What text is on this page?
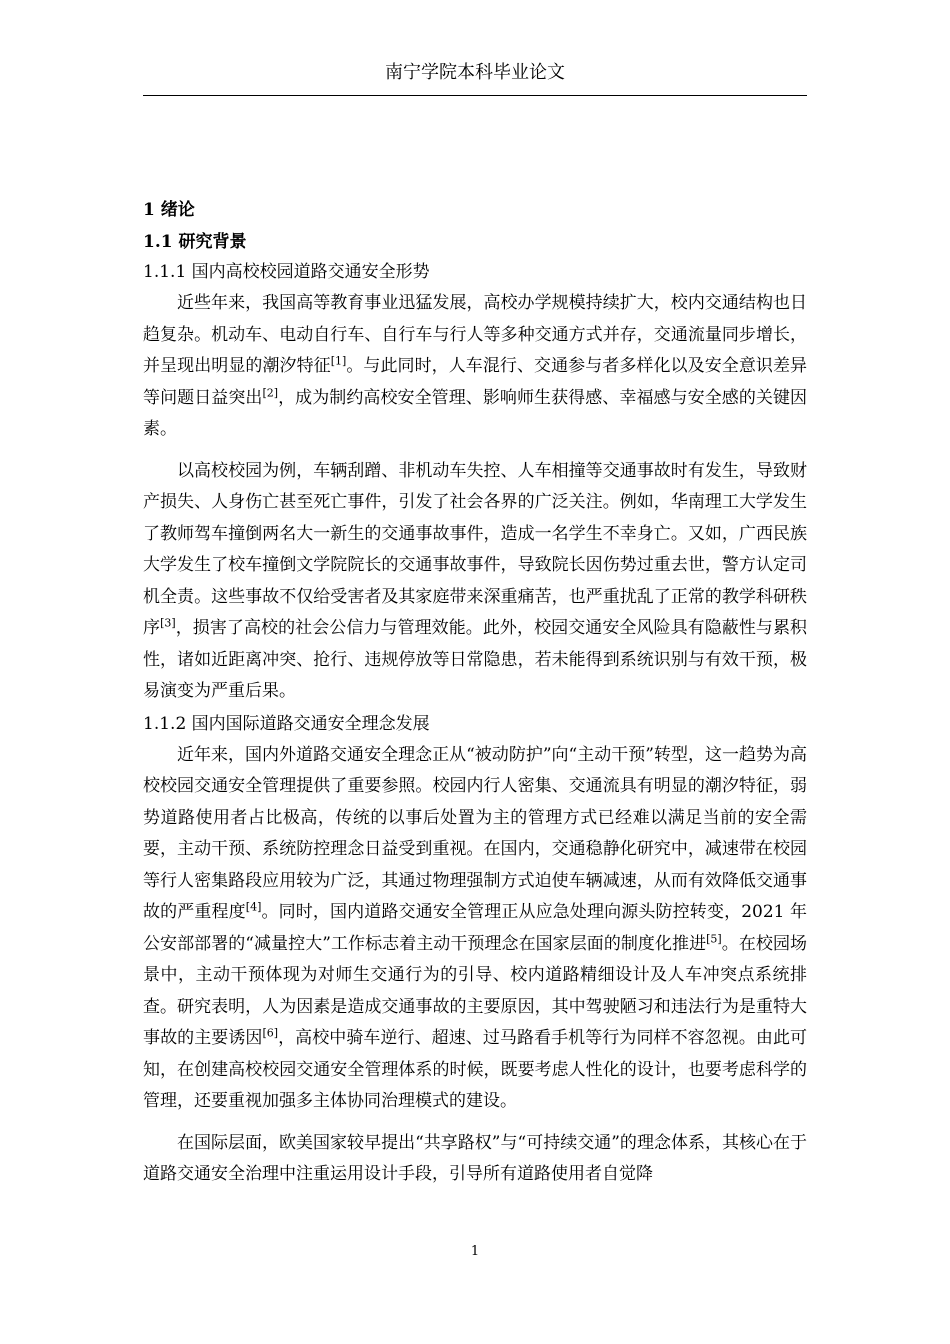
南宁学院本科毕业论文

1 绪论

1.1 研究背景

1.1.1 国内高校校园道路交通安全形势

近些年来，我国高等教育事业迅猛发展，高校办学规模持续扩大，校内交通结构也日趋复杂。机动车、电动自行车、自行车与行人等多种交通方式并存，交通流量同步增长，并呈现出明显的潮汐特征[1]。与此同时，人车混行、交通参与者多样化以及安全意识差异等问题日益突出[2]，成为制约高校安全管理、影响师生获得感、幸福感与安全感的关键因素。

以高校校园为例，车辆刮蹭、非机动车失控、人车相撞等交通事故时有发生，导致财产损失、人身伤亡甚至死亡事件，引发了社会各界的广泛关注。例如，华南理工大学发生了教师驾车撞倒两名大一新生的交通事故事件，造成一名学生不幸身亡。又如，广西民族大学发生了校车撞倒文学院院长的交通事故事件，导致院长因伤势过重去世，警方认定司机全责。这些事故不仅给受害者及其家庭带来深重痛苦，也严重扰乱了正常的教学科研秩序[3]，损害了高校的社会公信力与管理效能。此外，校园交通安全风险具有隐蔽性与累积性，诸如近距离冲突、抢行、违规停放等日常隐患，若未能得到系统识别与有效干预，极易演变为严重后果。

1.1.2 国内国际道路交通安全理念发展

近年来，国内外道路交通安全理念正从“被动防护”向“主动干预”转型，这一趋势为高校校园交通安全管理提供了重要参照。校园内行人密集、交通流具有明显的潮汐特征，弱势道路使用者占比极高，传统的以事后处置为主的管理方式已经难以满足当前的安全需要，主动干预、系统防控理念日益受到重视。在国内，交通稳静化研究中，减速带在校园等行人密集路段应用较为广泛，其通过物理强制方式迫使车辆减速，从而有效降低交通事故的严重程度[4]。同时，国内道路交通安全管理正从应急处理向源头防控转变，2021 年公安部部署的“减量控大”工作标志着主动干预理念在国家层面的制度化推进[5]。在校园场景中，主动干预体现为对师生交通行为的引导、校内道路精细设计及人车冲突点系统排查。研究表明，人为因素是造成交通事故的主要原因，其中驾驶陋习和违法行为是重特大事故的主要诱因[6]，高校中骑车逆行、超速、过马路看手机等行为同样不容忽视。由此可知，在创建高校校园交通安全管理体系的时候，既要考虑人性化的设计，也要考虑科学的管理，还要重视加强多主体协同治理模式的建设。

在国际层面，欧美国家较早提出“共享路权”与“可持续交通”的理念体系，其核心在于道路交通安全治理中注重运用设计手段，引导所有道路使用者自觉降

1
